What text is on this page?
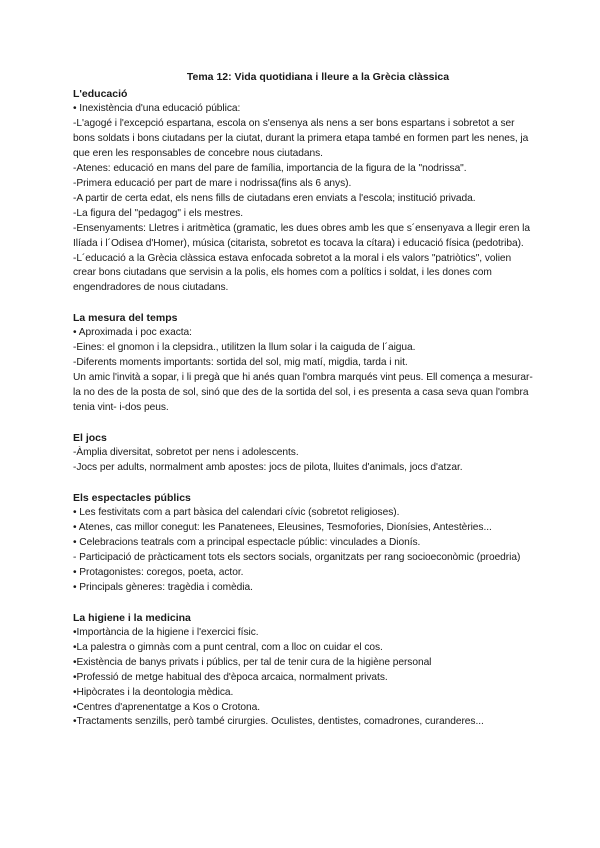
Tema 12: Vida quotidiana i lleure a la Grècia clàssica
L'educació

• Inexistència d'una educació pública:

-L'agogé i l'excepció espartana, escola on s'ensenya als nens a ser bons espartans i sobretot a ser bons soldats i bons ciutadans per la ciutat, durant la primera etapa també en formen part les nenes, ja que eren les responsables de concebre nous ciutadans.

-Atenes: educació en mans del pare de família, importancia de la figura de la "nodrissa".

-Primera educació per part de mare i nodrissa(fins als 6 anys).

-A partir de certa edat, els nens fills de ciutadans eren enviats a l'escola; institució privada.

-La figura del "pedagog" i els mestres.

-Ensenyaments: Lletres i aritmètica (gramatic, les dues obres amb les que s´ensenyava a llegir eren la Ilíada i l´Odisea d'Homer), música (citarista, sobretot es tocava la cítara) i educació física (pedotriba).

-L´educació a la Grècia clàssica estava enfocada sobretot a la moral i els valors "patriòtics", volien crear bons ciutadans que servisin a la polis, els homes com a polítics i soldat, i les dones com engendradores de nous ciutadans.

La mesura del temps

• Aproximada i poc exacta:

-Eines: el gnomon i la clepsidra., utilitzen la llum solar i la caiguda de l´aigua.

-Diferents moments importants: sortida del sol, mig matí, migdia, tarda i nit.

Un amic l'invità a sopar, i li pregà que hi anés quan l'ombra marqués vint peus. Ell comença a mesurar-la no des de la posta de sol, sinó que des de la sortida del sol, i es presenta a casa seva quan l'ombra tenia vint- i-dos peus.

El jocs

-Àmplia diversitat, sobretot per nens i adolescents.

-Jocs per adults, normalment amb apostes: jocs de pilota, lluites d'animals, jocs d'atzar.

Els espectacles públics

• Les festivitats com a part bàsica del calendari cívic (sobretot religioses).

• Atenes, cas millor conegut: les Panatenees, Eleusines, Tesmofories, Dionísies, Antestèries...

• Celebracions teatrals com a principal espectacle públic: vinculades a Dionís.

- Participació de pràcticament tots els sectors socials, organitzats per rang socioeconòmic (proedria)

• Protagonistes: coregos, poeta, actor.

• Principals gèneres: tragèdia i comèdia.

La higiene i la medicina

•Importància de la higiene i l'exercici físic.

•La palestra o gimnàs com a punt central, com a lloc on cuidar el cos.

•Existència de banys privats i públics, per tal de tenir cura de la higiène personal

•Professió de metge habitual des d'època arcaica, normalment privats.

•Hipòcrates i la deontologia mèdica.

•Centres d'aprenentatge a Kos o Crotona.

•Tractaments senzills, però també cirurgies. Oculistes, dentistes, comadrones, curanderes...
